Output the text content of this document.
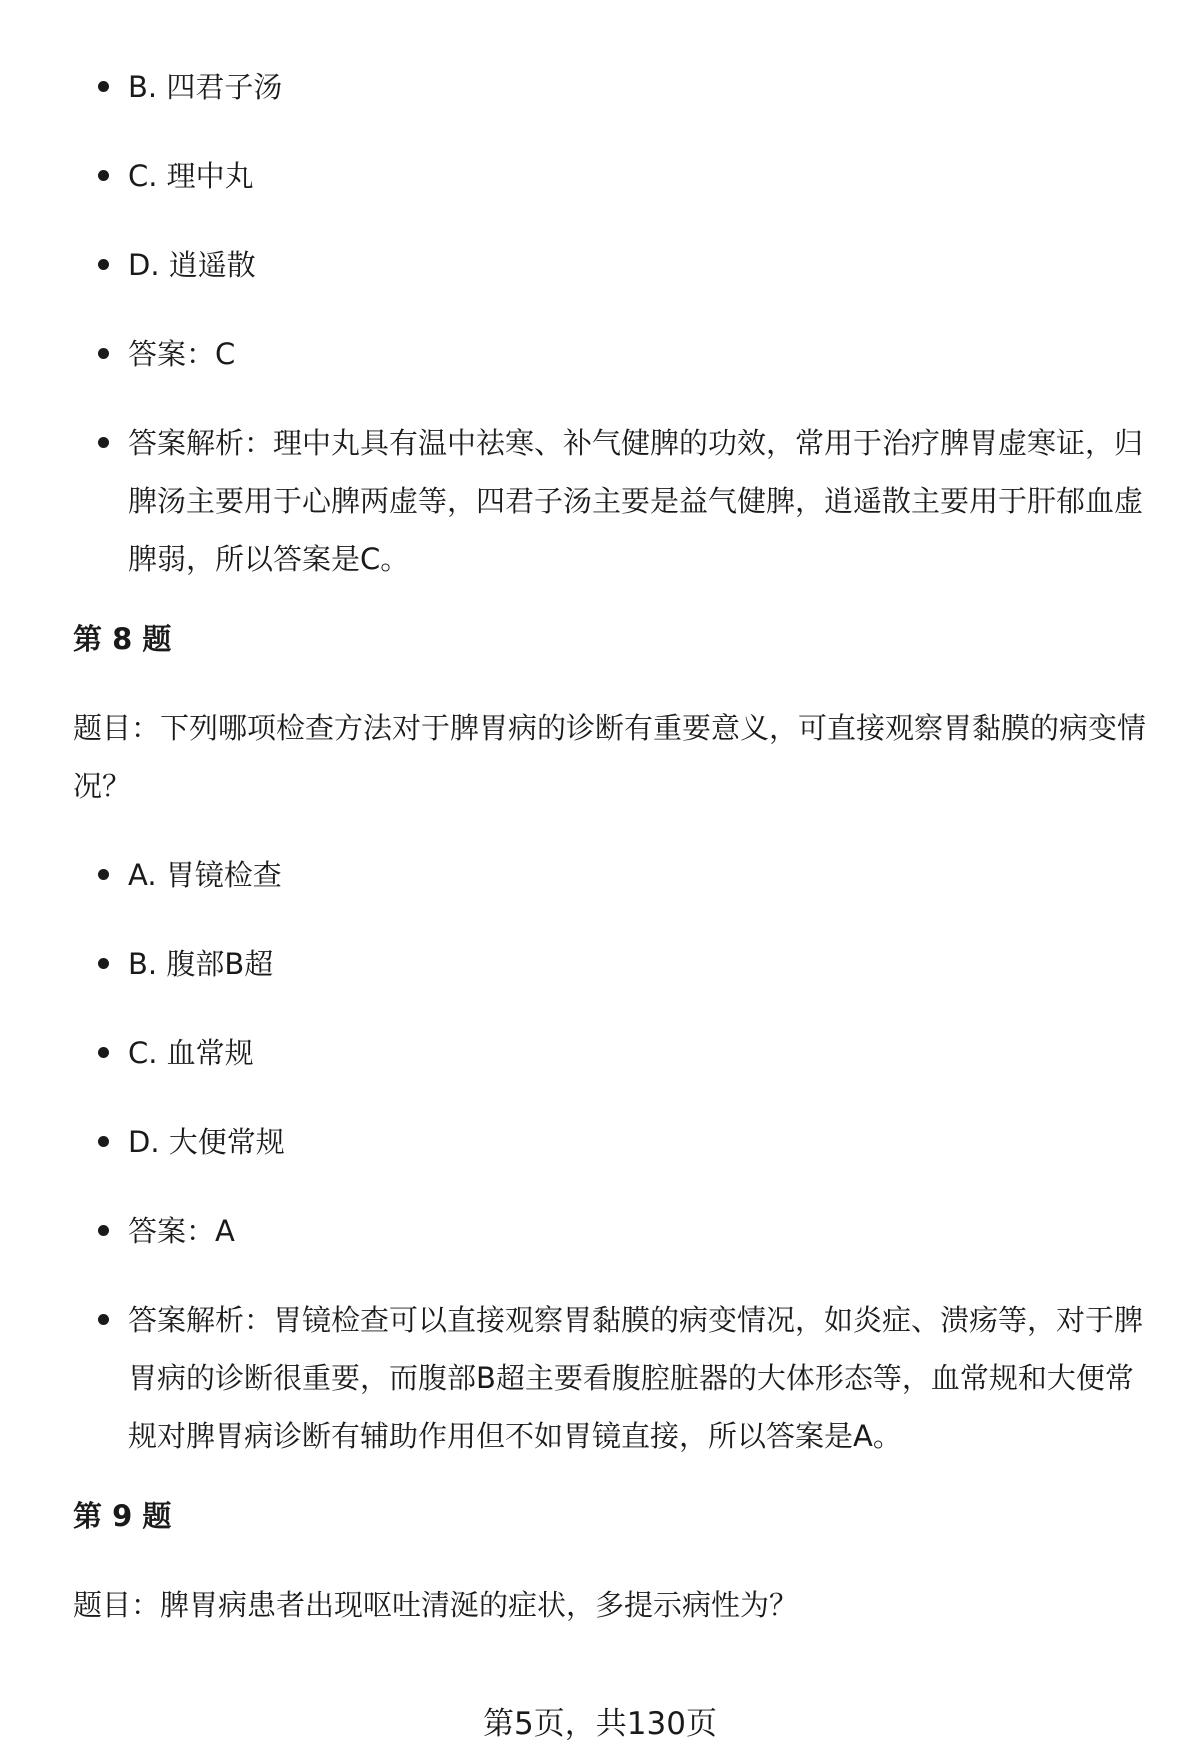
B. 四君子汤
C. 理中丸
D. 逍遥散
答案：C
答案解析：理中丸具有温中祛寒、补气健脾的功效，常用于治疗脾胃虚寒证，归脾汤主要用于心脾两虚等，四君子汤主要是益气健脾，逍遥散主要用于肝郁血虚脾弱，所以答案是C。
第 8 题
题目：下列哪项检查方法对于脾胃病的诊断有重要意义，可直接观察胃黏膜的病变情况？
A. 胃镜检查
B. 腹部B超
C. 血常规
D. 大便常规
答案：A
答案解析：胃镜检查可以直接观察胃黏膜的病变情况，如炎症、溃疡等，对于脾胃病的诊断很重要，而腹部B超主要看腹腔脏器的大体形态等，血常规和大便常规对脾胃病诊断有辅助作用但不如胃镜直接，所以答案是A。
第 9 题
题目：脾胃病患者出现呕吐清涎的症状，多提示病性为？
第5页，共130页
